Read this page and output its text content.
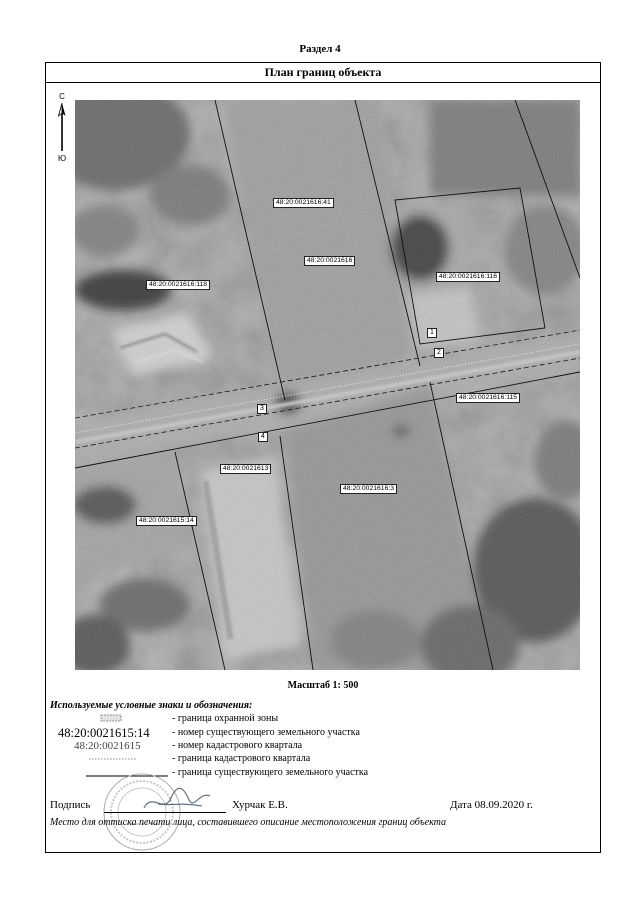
Раздел 4
План границ объекта
С
Ю
48:20:0021616:41
48:20:0021616
48:20:0021616:118
48:20:0021616:116
48:20:0021616:115
48:20:0021613
48:20:0021616:3
48:20:0021615:14
1
2
3
4
Масштаб 1: 500
Используемые условные знаки и обозначения:
- граница охранной зоны
48:20:0021615:14 - номер существующего земельного участка
48:20:0021615	- номер кадастрового квартала
- граница кадастрового квартала
- граница существующего земельного участка
Подпись	Хурчак Е.В.	Дата 08.09.2020 г.
Место для оттиска печати лица, составившего описание местоположения границ объекта
